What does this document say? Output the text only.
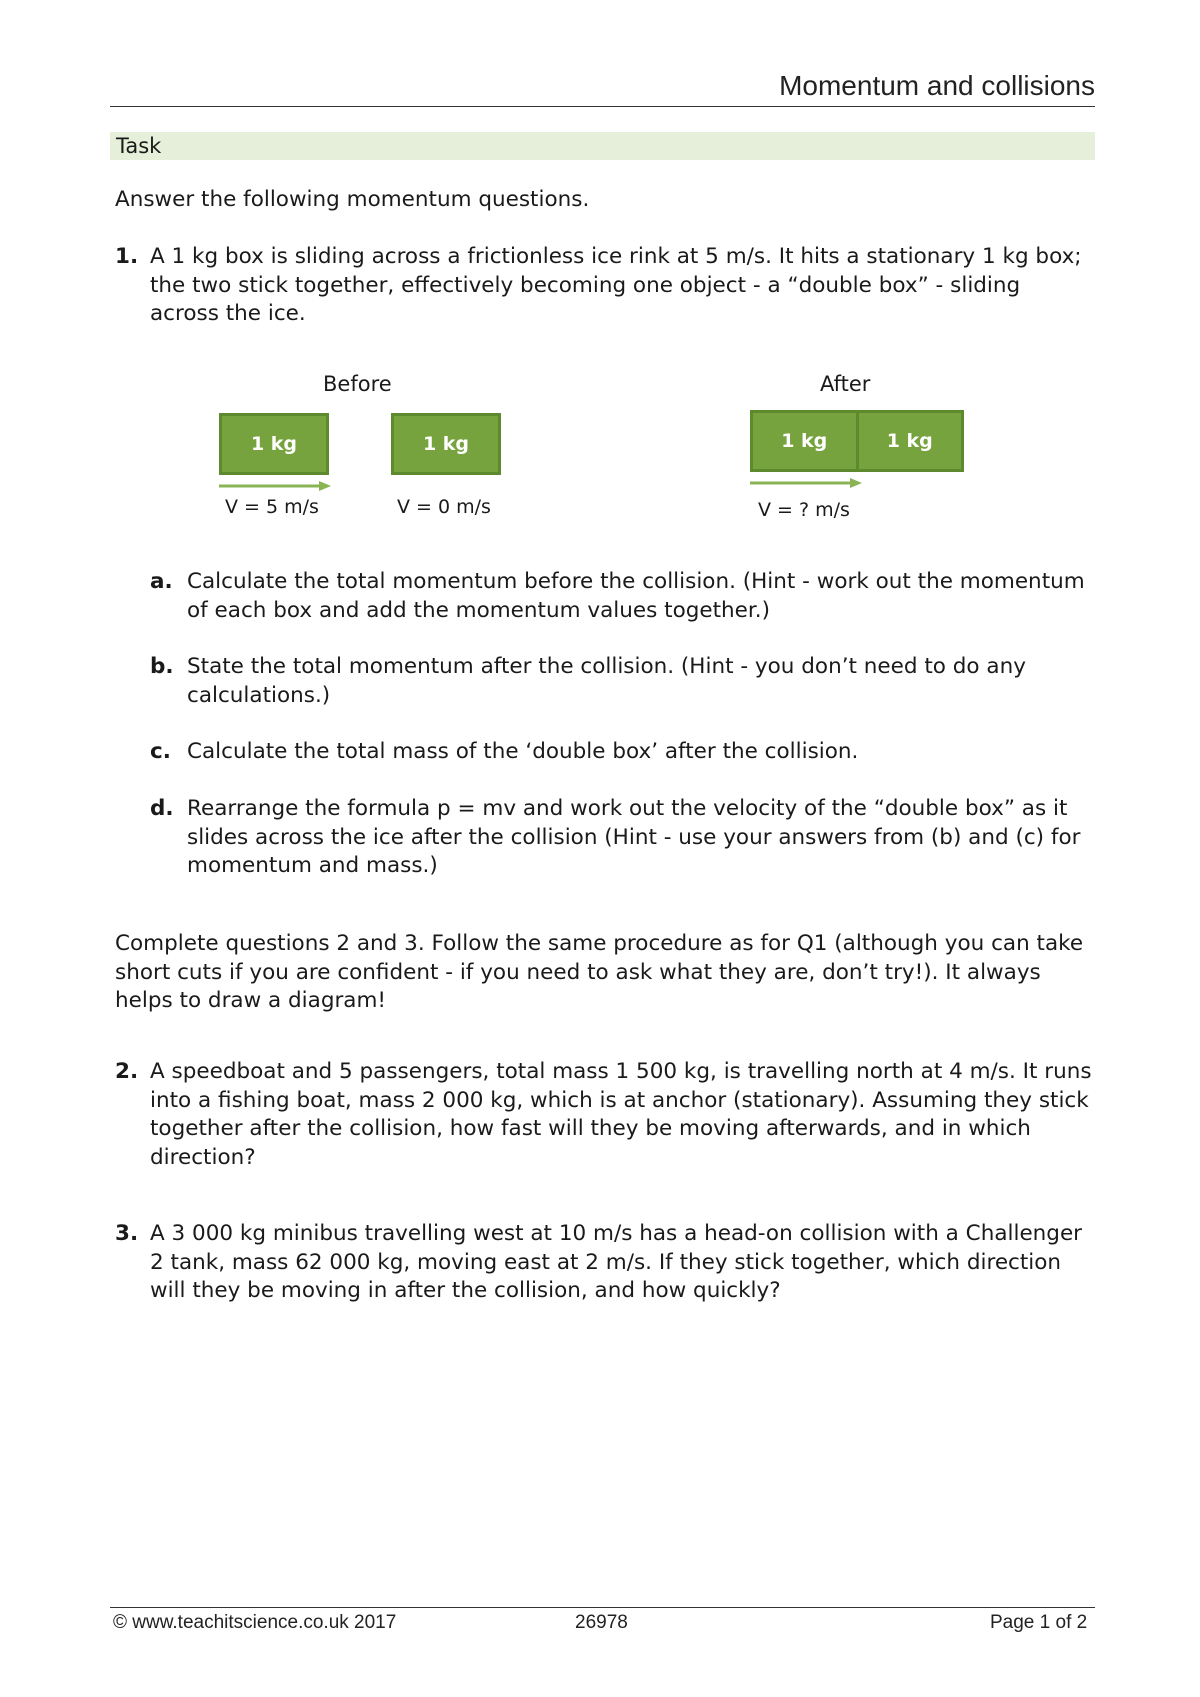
Momentum and collisions
Task
Answer the following momentum questions.
1. A 1 kg box is sliding across a frictionless ice rink at 5 m/s. It hits a stationary 1 kg box; the two stick together, effectively becoming one object - a “double box” - sliding across the ice.
Before	After
1 kg	1 kg	1 kg	1 kg
V = 5 m/s	V = 0 m/s	V = ? m/s
a. Calculate the total momentum before the collision. (Hint - work out the momentum of each box and add the momentum values together.)
b. State the total momentum after the collision. (Hint - you don’t need to do any calculations.)
c. Calculate the total mass of the ‘double box’ after the collision.
d. Rearrange the formula p = mv and work out the velocity of the “double box” as it slides across the ice after the collision (Hint - use your answers from (b) and (c) for momentum and mass.)
Complete questions 2 and 3. Follow the same procedure as for Q1 (although you can take short cuts if you are confident - if you need to ask what they are, don’t try!). It always helps to draw a diagram!
2. A speedboat and 5 passengers, total mass 1 500 kg, is travelling north at 4 m/s. It runs into a fishing boat, mass 2 000 kg, which is at anchor (stationary). Assuming they stick together after the collision, how fast will they be moving afterwards, and in which direction?
3. A 3 000 kg minibus travelling west at 10 m/s has a head-on collision with a Challenger 2 tank, mass 62 000 kg, moving east at 2 m/s. If they stick together, which direction will they be moving in after the collision, and how quickly?
© www.teachitscience.co.uk 2017	26978	Page 1 of 2
